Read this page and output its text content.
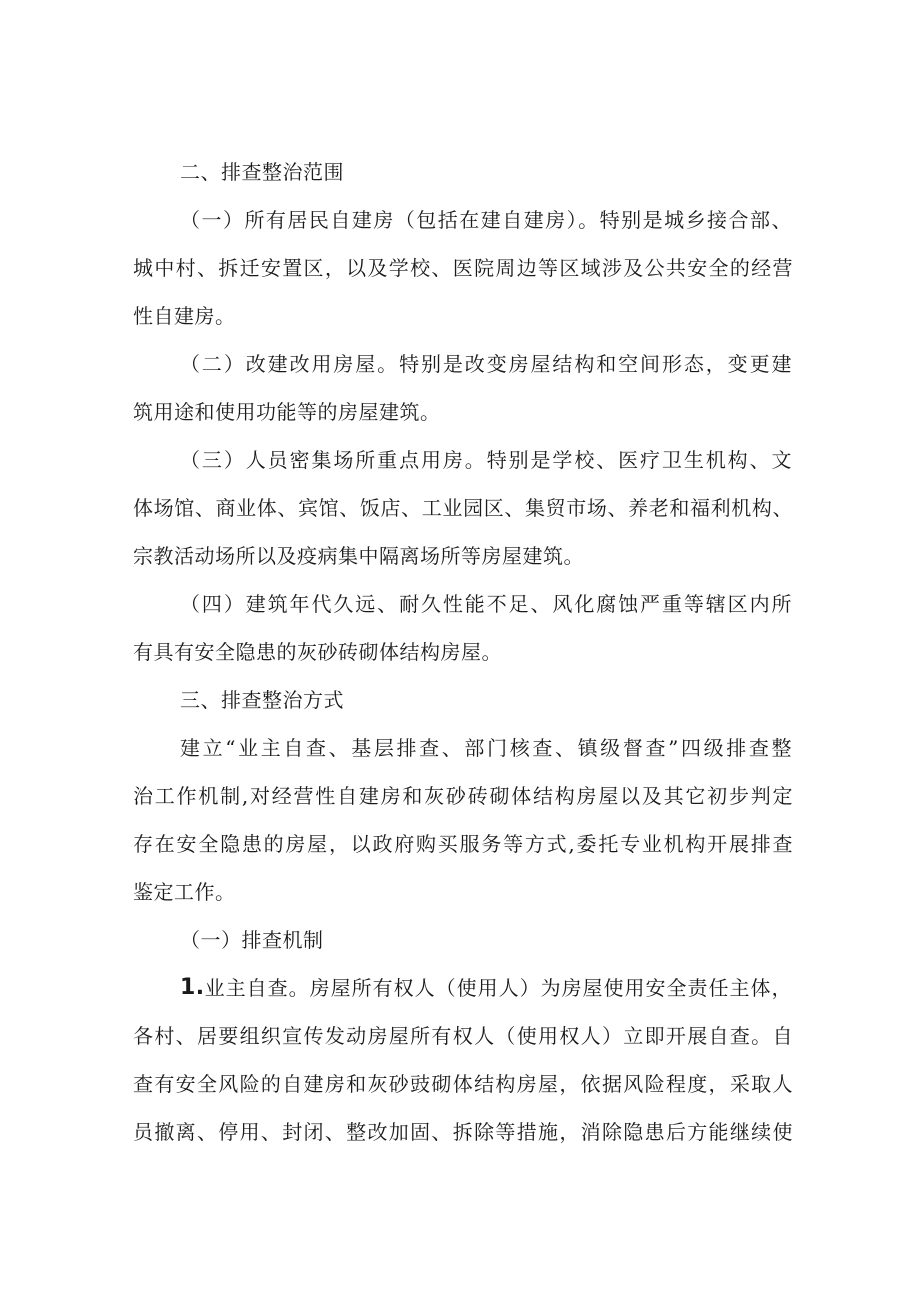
二、排查整治范围
（一）所有居民自建房（包括在建自建房）。特别是城乡接合部、
城中村、拆迁安置区，以及学校、医院周边等区域涉及公共安全的经营
性自建房。
（二）改建改用房屋。特别是改变房屋结构和空间形态，变更建
筑用途和使用功能等的房屋建筑。
（三）人员密集场所重点用房。特别是学校、医疗卫生机构、文
体场馆、商业体、宾馆、饭店、工业园区、集贸市场、养老和福利机构、
宗教活动场所以及疫病集中隔离场所等房屋建筑。
（四）建筑年代久远、耐久性能不足、风化腐蚀严重等辖区内所
有具有安全隐患的灰砂砖砌体结构房屋。
三、排查整治方式
建立“业主自查、基层排查、部门核查、镇级督查”四级排查整
治工作机制,对经营性自建房和灰砂砖砌体结构房屋以及其它初步判定
存在安全隐患的房屋，以政府购买服务等方式,委托专业机构开展排查
鉴定工作。
（一）排查机制
1. 业主自查。房屋所有权人（使用人）为房屋使用安全责任主体，
各村、居要组织宣传发动房屋所有权人（使用权人）立即开展自查。自
查有安全风险的自建房和灰砂豉砌体结构房屋，依据风险程度，采取人
员撤离、停用、封闭、整改加固、拆除等措施，消除隐患后方能继续使
